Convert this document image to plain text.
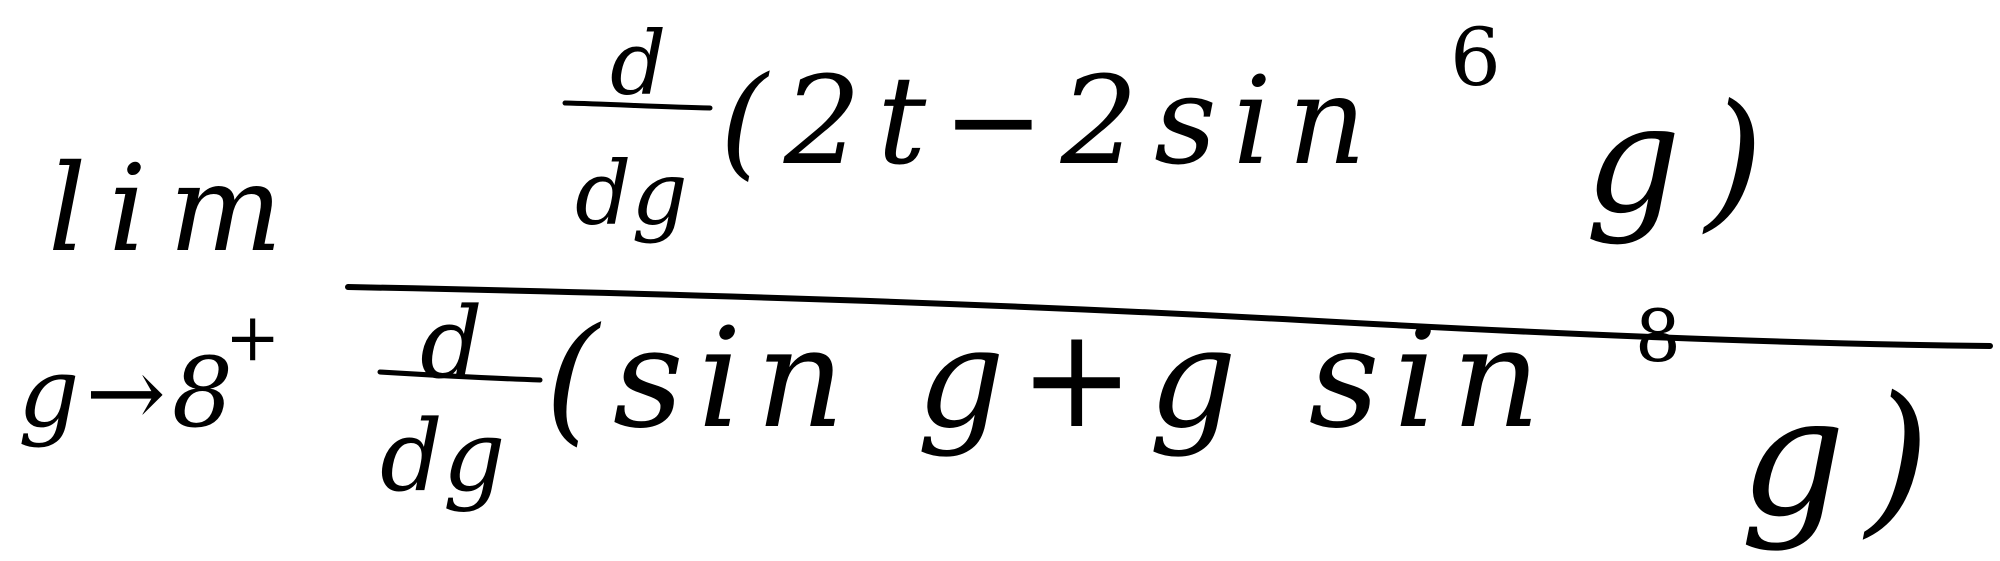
lim
g→8
+
d
dg
(2t−2sin 6
g)
d
dg (sin g+g sin 8
g)
